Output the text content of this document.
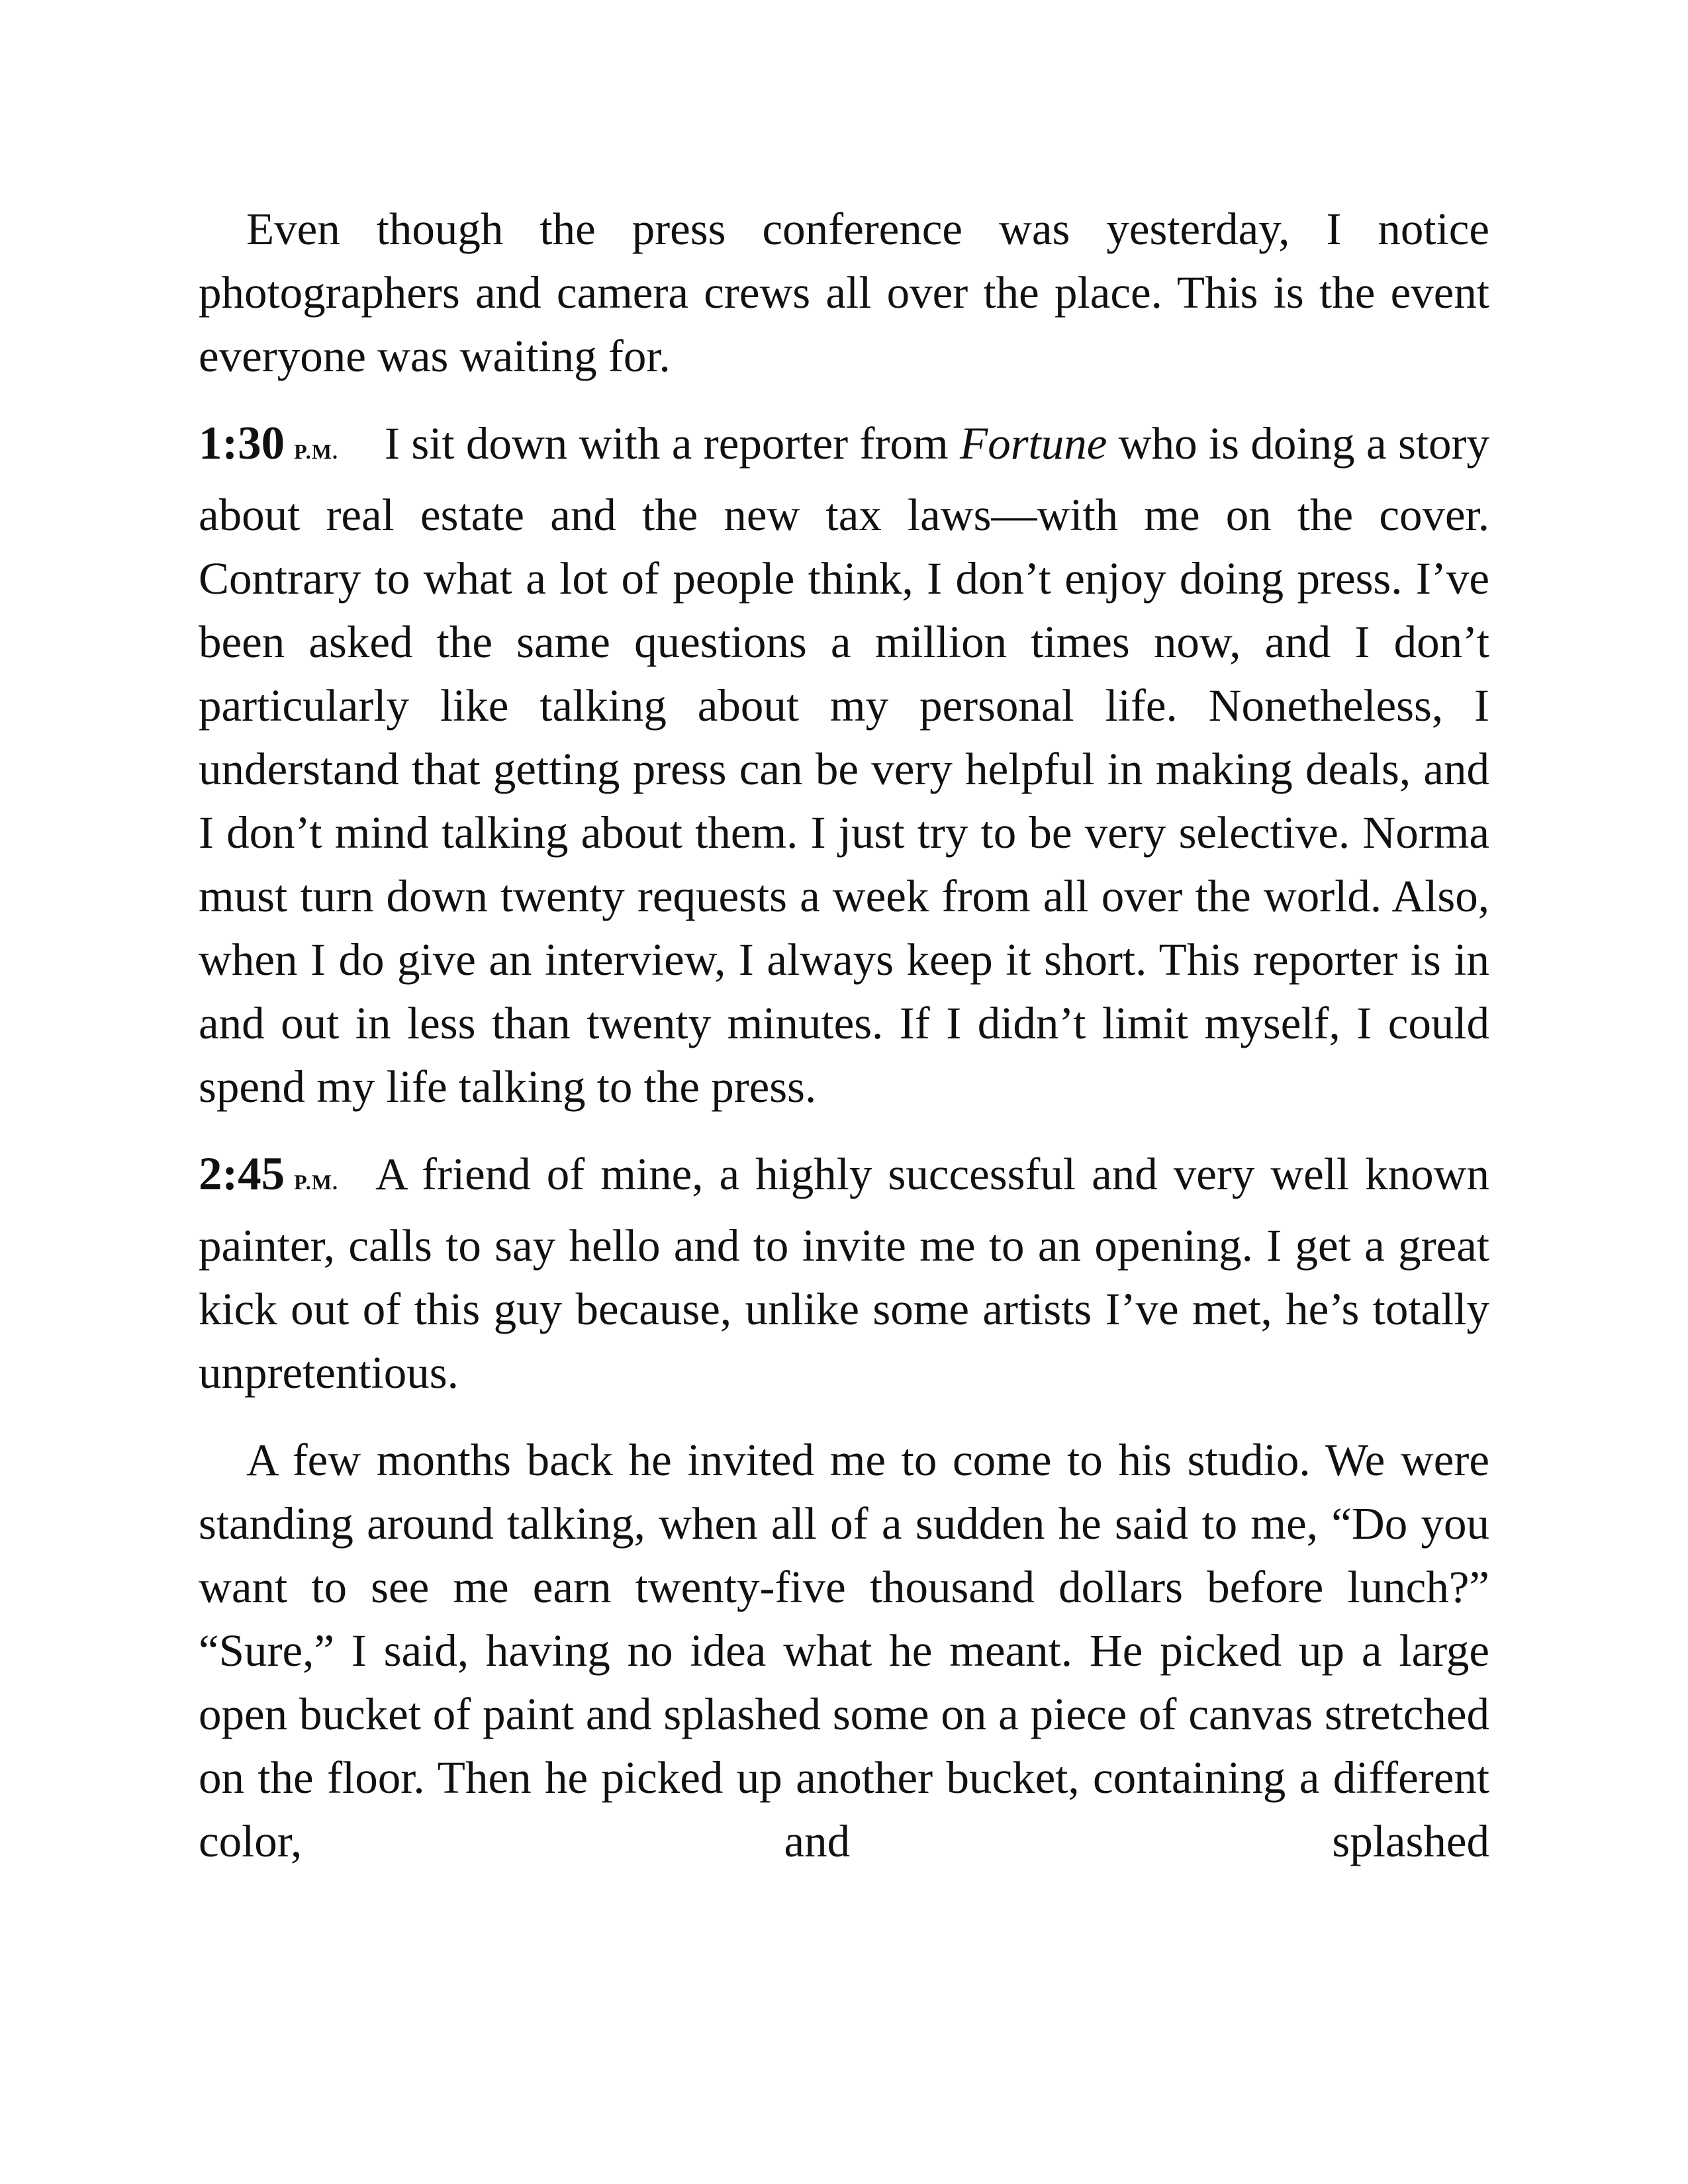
Even though the press conference was yesterday, I notice photographers and camera crews all over the place. This is the event everyone was waiting for.

1:30 P.M. I sit down with a reporter from Fortune who is doing a story about real estate and the new tax laws—with me on the cover. Contrary to what a lot of people think, I don’t enjoy doing press. I’ve been asked the same questions a million times now, and I don’t particularly like talking about my personal life. Nonetheless, I understand that getting press can be very helpful in making deals, and I don’t mind talking about them. I just try to be very selective. Norma must turn down twenty requests a week from all over the world. Also, when I do give an interview, I always keep it short. This reporter is in and out in less than twenty minutes. If I didn’t limit myself, I could spend my life talking to the press.

2:45 P.M. A friend of mine, a highly successful and very well known painter, calls to say hello and to invite me to an opening. I get a great kick out of this guy because, unlike some artists I’ve met, he’s totally unpretentious.

A few months back he invited me to come to his studio. We were standing around talking, when all of a sudden he said to me, “Do you want to see me earn twenty-five thousand dollars before lunch?” “Sure,” I said, having no idea what he meant. He picked up a large open bucket of paint and splashed some on a piece of canvas stretched on the floor. Then he picked up another bucket, containing a different color, and splashed
